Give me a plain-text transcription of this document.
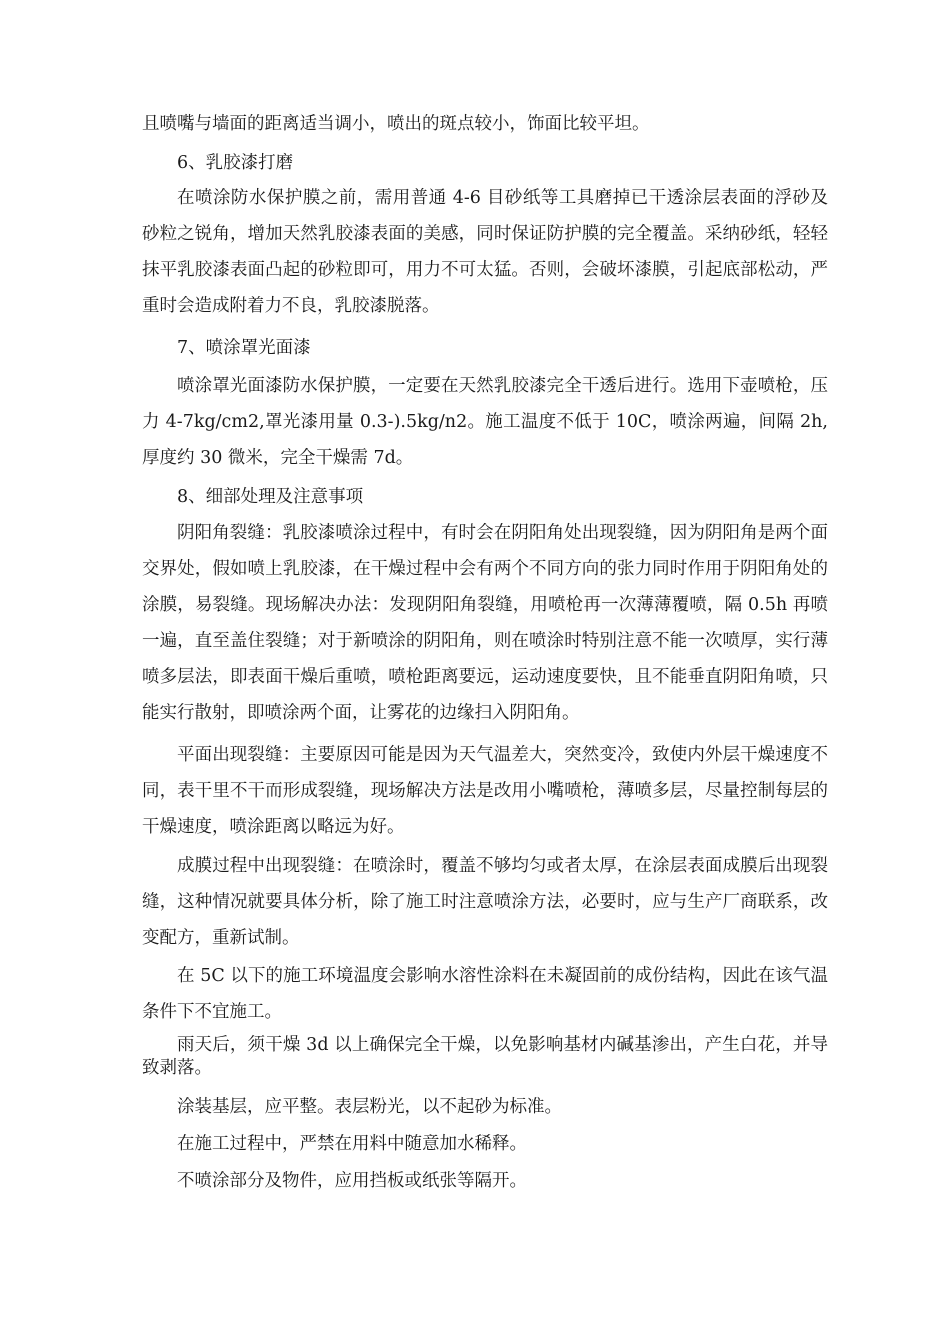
且喷嘴与墙面的距离适当调小，喷出的斑点较小，饰面比较平坦。

6、乳胶漆打磨

在喷涂防水保护膜之前，需用普通 4-6 目砂纸等工具磨掉已干透涂层表面的浮砂及砂粒之锐角，增加天然乳胶漆表面的美感，同时保证防护膜的完全覆盖。采纳砂纸，轻轻抹平乳胶漆表面凸起的砂粒即可，用力不可太猛。否则，会破坏漆膜，引起底部松动，严重时会造成附着力不良，乳胶漆脱落。

7、喷涂罩光面漆

喷涂罩光面漆防水保护膜，一定要在天然乳胶漆完全干透后进行。选用下壶喷枪，压力 4-7kg/cm2,罩光漆用量 0.3-).5kg/n2。施工温度不低于 10C，喷涂两遍，间隔 2h,厚度约 30 微米，完全干燥需 7d。

8、细部处理及注意事项

阴阳角裂缝：乳胶漆喷涂过程中，有时会在阴阳角处出现裂缝，因为阴阳角是两个面交界处，假如喷上乳胶漆，在干燥过程中会有两个不同方向的张力同时作用于阴阳角处的涂膜，易裂缝。现场解决办法：发现阴阳角裂缝，用喷枪再一次薄薄覆喷，隔 0.5h 再喷一遍，直至盖住裂缝；对于新喷涂的阴阳角，则在喷涂时特别注意不能一次喷厚，实行薄喷多层法，即表面干燥后重喷，喷枪距离要远，运动速度要快，且不能垂直阴阳角喷，只能实行散射，即喷涂两个面，让雾花的边缘扫入阴阳角。

平面出现裂缝：主要原因可能是因为天气温差大，突然变冷，致使内外层干燥速度不同，表干里不干而形成裂缝，现场解决方法是改用小嘴喷枪，薄喷多层，尽量控制每层的干燥速度，喷涂距离以略远为好。

成膜过程中出现裂缝：在喷涂时，覆盖不够均匀或者太厚，在涂层表面成膜后出现裂缝，这种情况就要具体分析，除了施工时注意喷涂方法，必要时，应与生产厂商联系，改变配方，重新试制。

在 5C 以下的施工环境温度会影响水溶性涂料在未凝固前的成份结构，因此在该气温条件下不宜施工。

雨天后，须干燥 3d 以上确保完全干燥，以免影响基材内碱基渗出，产生白花，并导致剥落。

涂装基层，应平整。表层粉光，以不起砂为标准。

在施工过程中，严禁在用料中随意加水稀释。

不喷涂部分及物件，应用挡板或纸张等隔开。
